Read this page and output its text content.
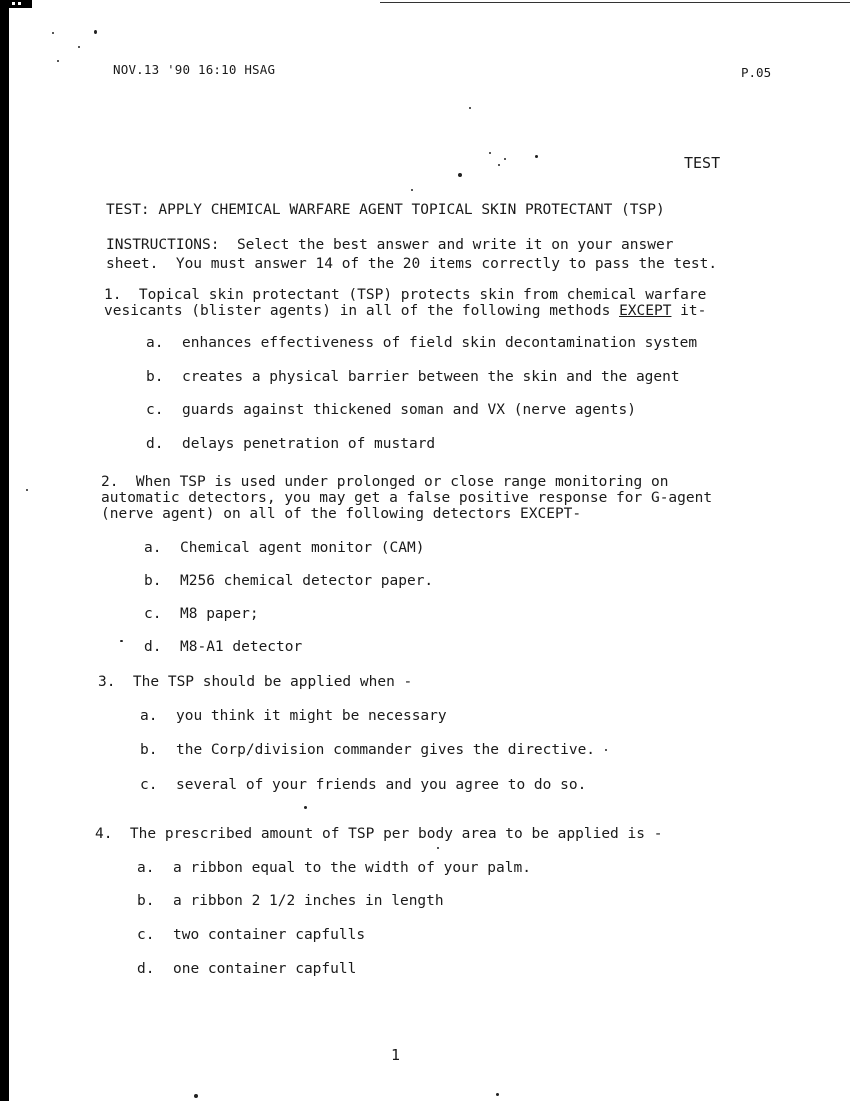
NOV.13 '90 16:10 HSAG	P.05
TEST
TEST: APPLY CHEMICAL WARFARE AGENT TOPICAL SKIN PROTECTANT (TSP)
INSTRUCTIONS:  Select the best answer and write it on your answer
sheet.  You must answer 14 of the 20 items correctly to pass the test.
1.  Topical skin protectant (TSP) protects skin from chemical warfare
vesicants (blister agents) in all of the following methods EXCEPT it-
a. enhances effectiveness of field skin decontamination system
b. creates a physical barrier between the skin and the agent
c. guards against thickened soman and VX (nerve agents)
d. delays penetration of mustard
2.  When TSP is used under prolonged or close range monitoring on
automatic detectors, you may get a false positive response for G-agent
(nerve agent) on all of the following detectors EXCEPT-
a. Chemical agent monitor (CAM)
b. M256 chemical detector paper.
c. M8 paper;
d. M8-A1 detector
3.  The TSP should be applied when -
a. you think it might be necessary
b. the Corp/division commander gives the directive.
c. several of your friends and you agree to do so.
4.  The prescribed amount of TSP per body area to be applied is -
a. a ribbon equal to the width of your palm.
b. a ribbon 2 1/2 inches in length
c. two container capfulls
d. one container capfull
1
